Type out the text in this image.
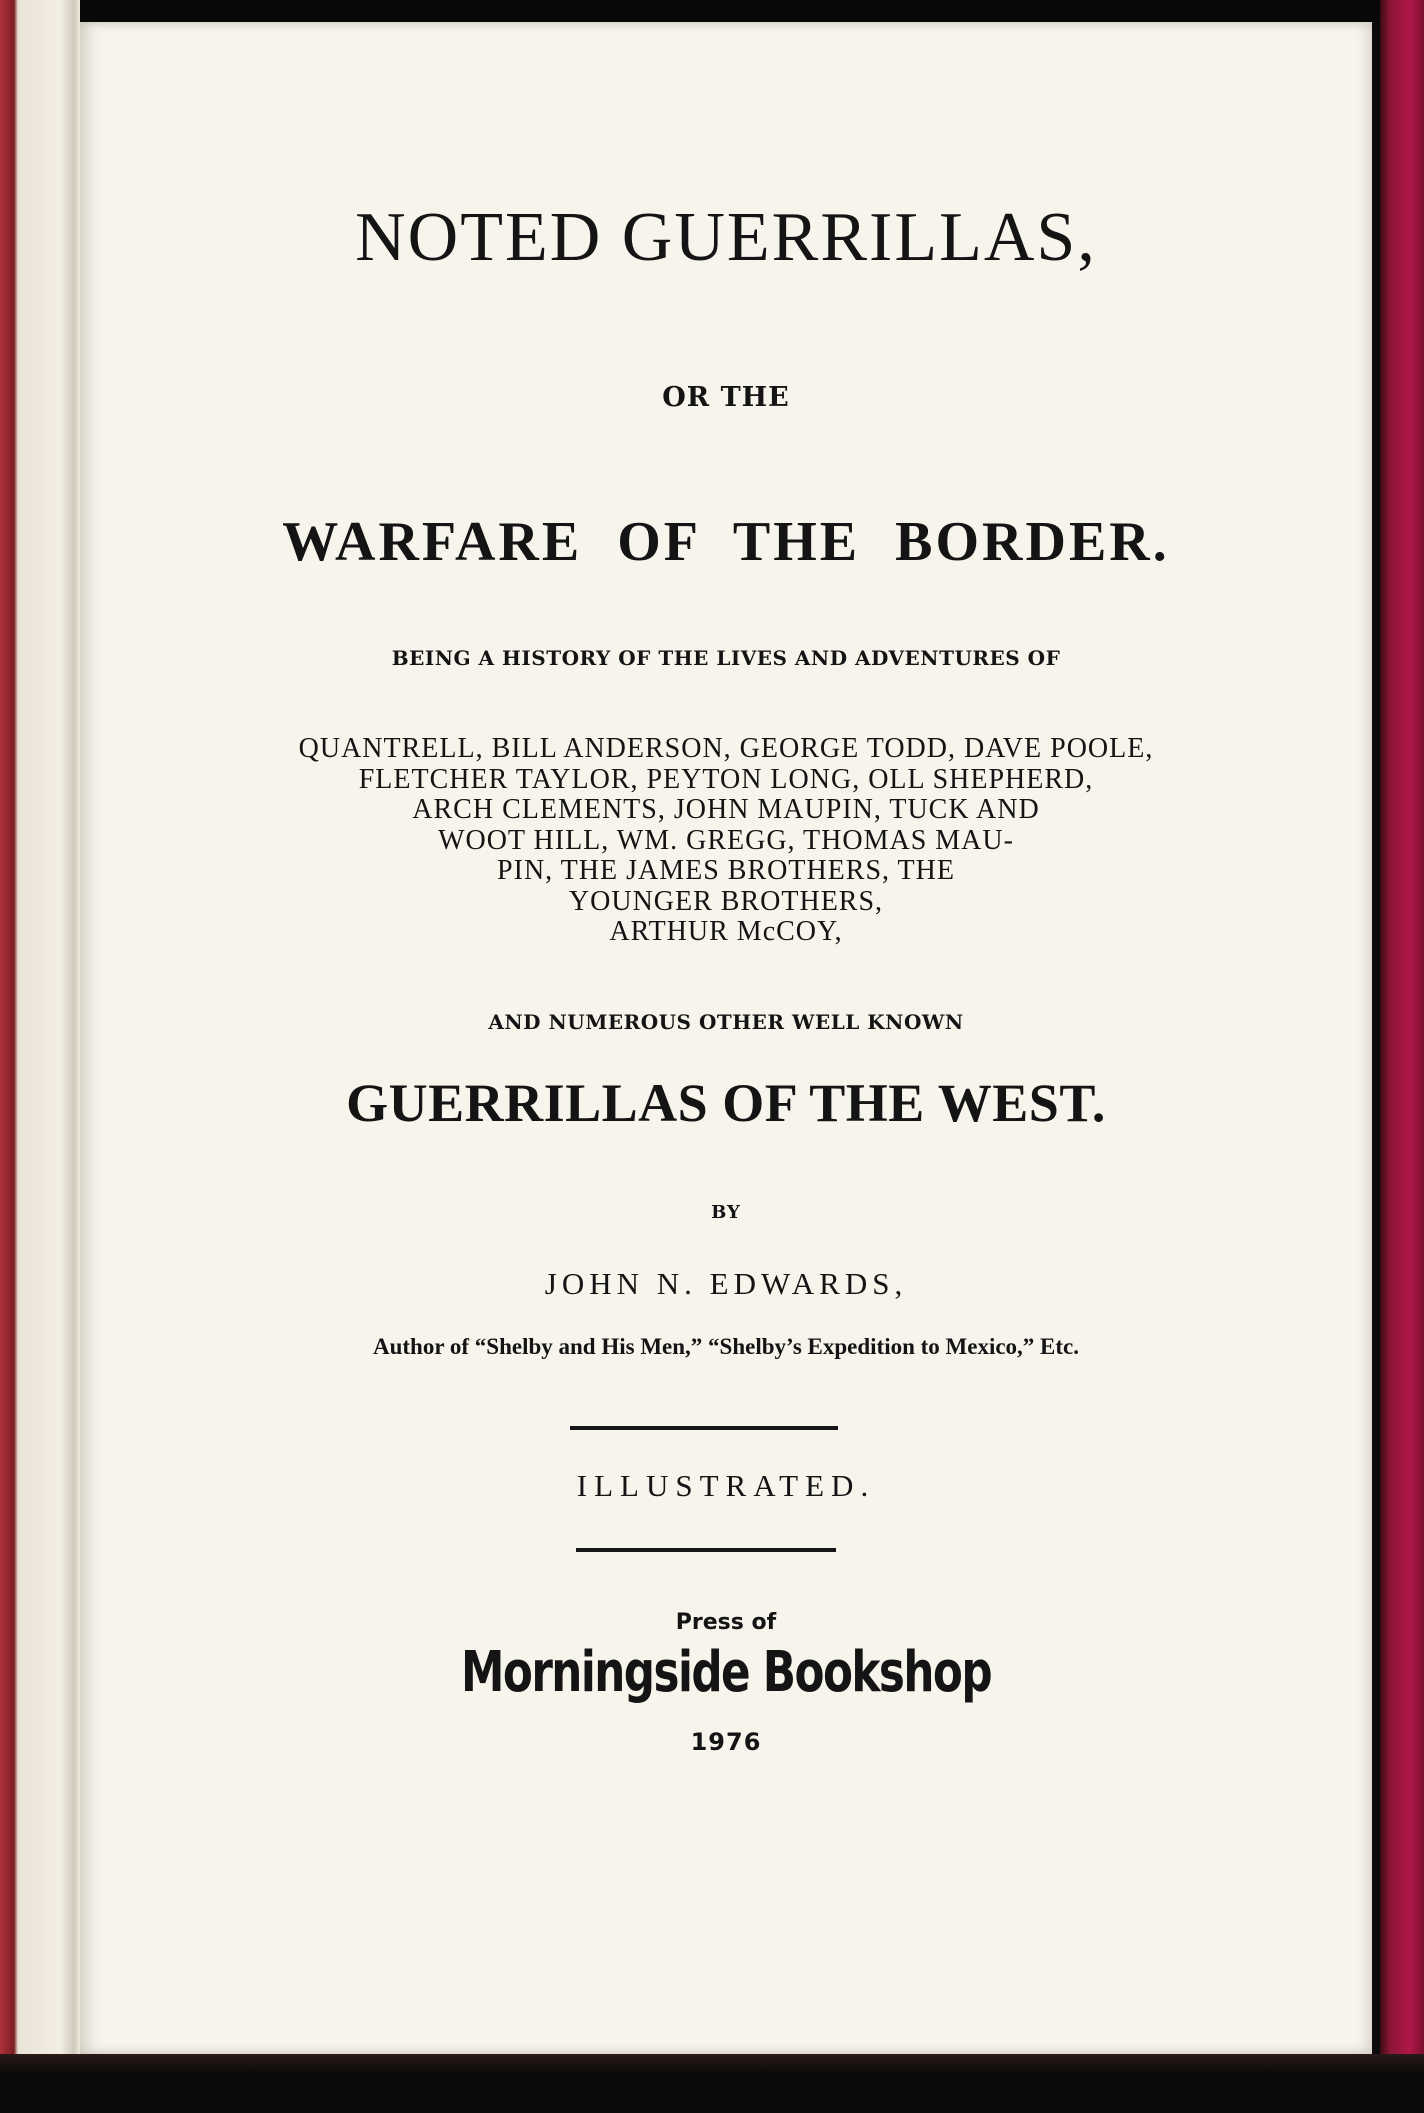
NOTED GUERRILLAS,

OR THE

WARFARE OF THE BORDER.

BEING A HISTORY OF THE LIVES AND ADVENTURES OF

QUANTRELL, BILL ANDERSON, GEORGE TODD, DAVE POOLE,
FLETCHER TAYLOR, PEYTON LONG, OLL SHEPHERD,
ARCH CLEMENTS, JOHN MAUPIN, TUCK AND
WOOT HILL, WM. GREGG, THOMAS MAU-
PIN, THE JAMES BROTHERS, THE
YOUNGER BROTHERS,
ARTHUR McCOY,

AND NUMEROUS OTHER WELL KNOWN

GUERRILLAS OF THE WEST.

BY

JOHN N. EDWARDS,

Author of “Shelby and His Men,” “Shelby’s Expedition to Mexico,” Etc.

ILLUSTRATED.

Press of

Morningside Bookshop

1976
